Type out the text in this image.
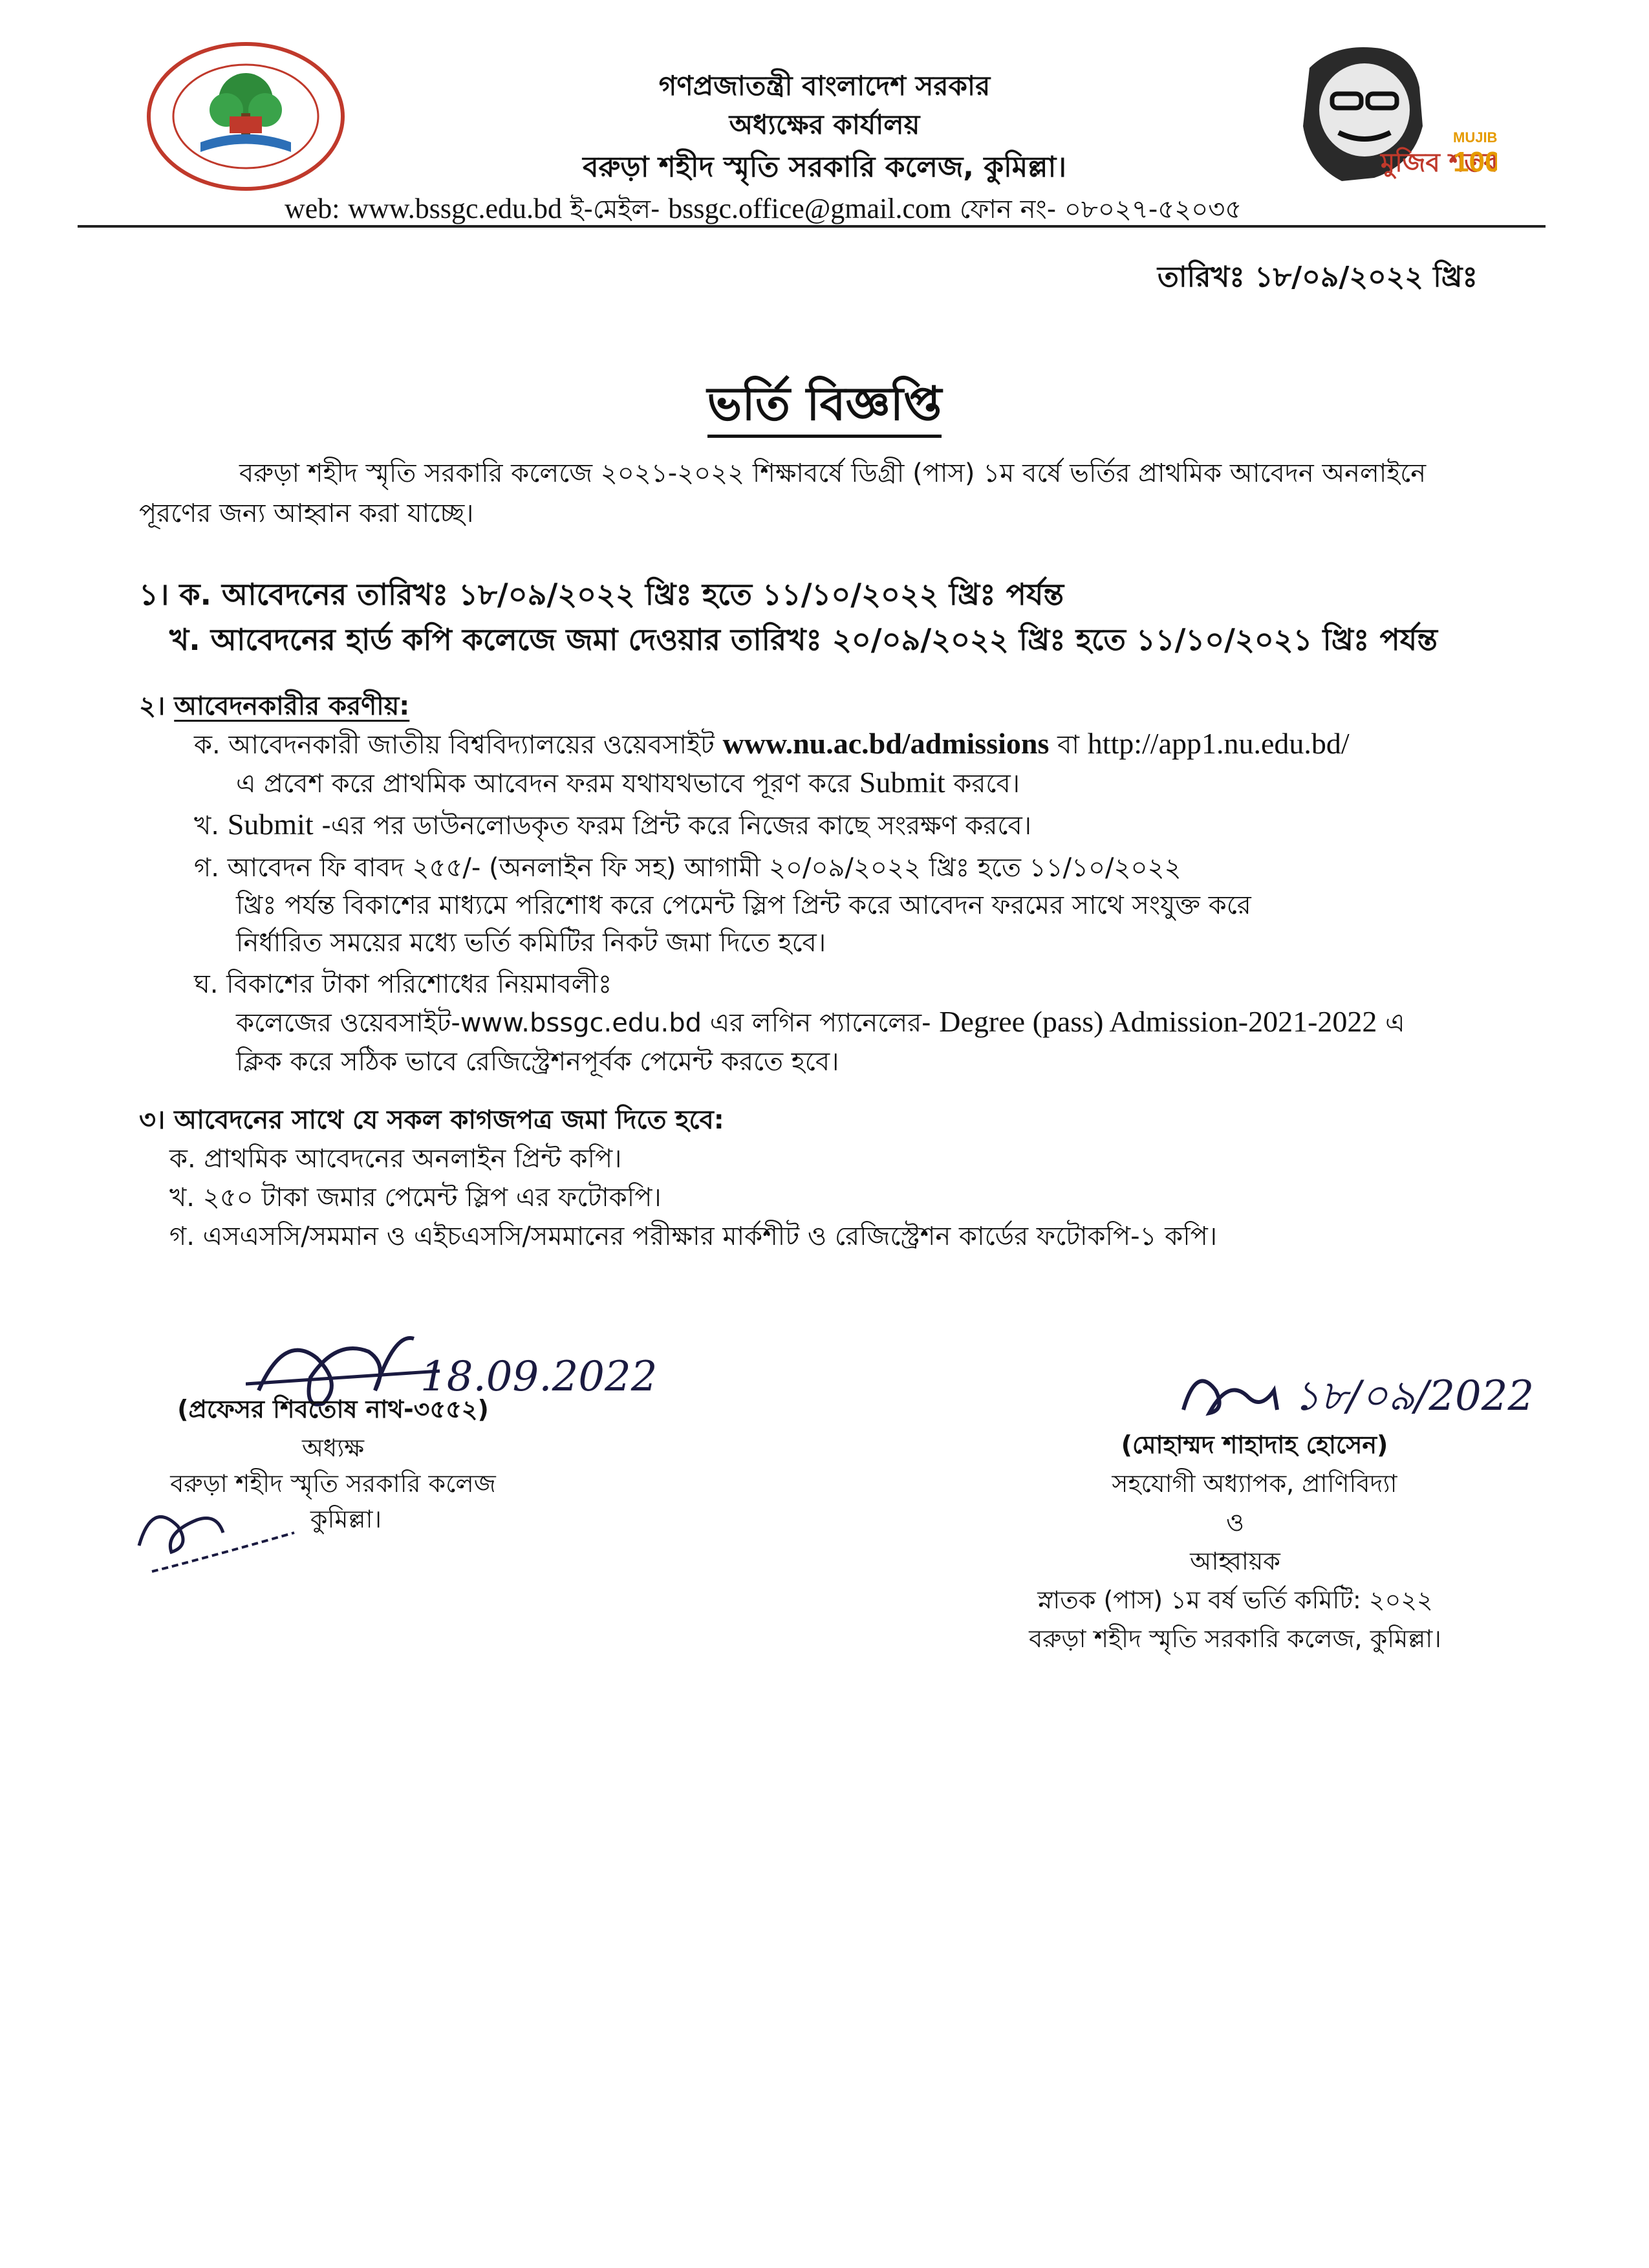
মুজিব শতব
MUJIB
100
গণপ্রজাতন্ত্রী বাংলাদেশ সরকার
অধ্যক্ষের কার্যালয়
বরুড়া শহীদ স্মৃতি সরকারি কলেজ, কুমিল্লা।
web: www.bssgc.edu.bd ই-মেইল- bssgc.office@gmail.com ফোন নং- ০৮০২৭-৫২০৩৫
তারিখঃ ১৮/০৯/২০২২ খ্রিঃ
ভর্তি বিজ্ঞপ্তি
বরুড়া শহীদ স্মৃতি সরকারি কলেজে ২০২১-২০২২ শিক্ষাবর্ষে ডিগ্রী (পাস) ১ম বর্ষে ভর্তির প্রাথমিক আবেদন অনলাইনে
পূরণের জন্য আহ্বান করা যাচ্ছে।
১। ক. আবেদনের তারিখঃ ১৮/০৯/২০২২ খ্রিঃ হতে ১১/১০/২০২২ খ্রিঃ পর্যন্ত
খ. আবেদনের হার্ড কপি কলেজে জমা দেওয়ার তারিখঃ ২০/০৯/২০২২ খ্রিঃ হতে ১১/১০/২০২১ খ্রিঃ পর্যন্ত
২। আবেদনকারীর করণীয়:
ক. আবেদনকারী জাতীয় বিশ্ববিদ্যালয়ের ওয়েবসাইট www.nu.ac.bd/admissions বা http://app1.nu.edu.bd/
এ প্রবেশ করে প্রাথমিক আবেদন ফরম যথাযথভাবে পূরণ করে Submit করবে।
খ. Submit -এর পর ডাউনলোডকৃত ফরম প্রিন্ট করে নিজের কাছে সংরক্ষণ করবে।
গ. আবেদন ফি বাবদ ২৫৫/- (অনলাইন ফি সহ) আগামী ২০/০৯/২০২২ খ্রিঃ হতে ১১/১০/২০২২
খ্রিঃ পর্যন্ত বিকাশের মাধ্যমে পরিশোধ করে পেমেন্ট স্লিপ প্রিন্ট করে আবেদন ফরমের সাথে সংযুক্ত করে
নির্ধারিত সময়ের মধ্যে ভর্তি কমিটির নিকট জমা দিতে হবে।
ঘ. বিকাশের টাকা পরিশোধের নিয়মাবলীঃ
কলেজের ওয়েবসাইট-www.bssgc.edu.bd এর লগিন প্যানেলের- Degree (pass) Admission-2021-2022 এ
ক্লিক করে সঠিক ভাবে রেজিস্ট্রেশনপূর্বক পেমেন্ট করতে হবে।
৩। আবেদনের সাথে যে সকল কাগজপত্র জমা দিতে হবে:
ক. প্রাথমিক আবেদনের অনলাইন প্রিন্ট কপি।
খ. ২৫০ টাকা জমার পেমেন্ট স্লিপ এর ফটোকপি।
গ. এসএসসি/সমমান ও এইচএসসি/সমমানের পরীক্ষার মার্কশীট ও রেজিস্ট্রেশন কার্ডের ফটোকপি-১ কপি।
18.09.2022
(প্রফেসর শিবতোষ নাথ-৩৫৫২)
অধ্যক্ষ
বরুড়া শহীদ স্মৃতি সরকারি কলেজ
কুমিল্লা।
১৮/০৯/2022
(মোহাম্মদ শাহাদাহ হোসেন)
সহযোগী অধ্যাপক, প্রাণিবিদ্যা
ও
আহ্বায়ক
স্নাতক (পাস) ১ম বর্ষ ভর্তি কমিটি: ২০২২
বরুড়া শহীদ স্মৃতি সরকারি কলেজ, কুমিল্লা।
